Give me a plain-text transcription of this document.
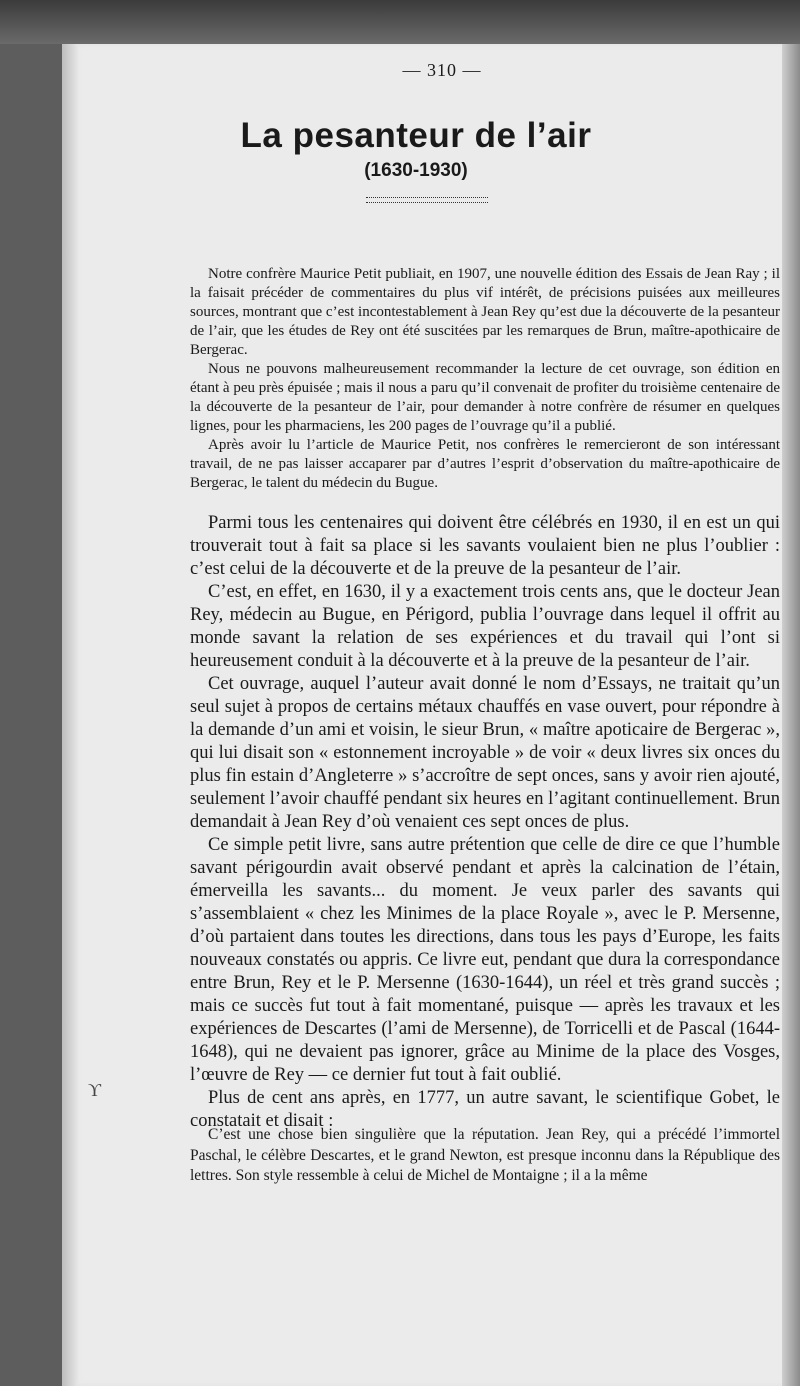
— 310 —
La pesanteur de l’air
(1630-1930)

Notre confrère Maurice Petit publiait, en 1907, une nouvelle édition des Essais de Jean Ray ; il la faisait précéder de commentaires du plus vif intérêt, de précisions puisées aux meilleures sources, montrant que c’est incontestablement à Jean Rey qu’est due la découverte de la pesanteur de l’air, que les études de Rey ont été suscitées par les remarques de Brun, maître-apothicaire de Bergerac.

Nous ne pouvons malheureusement recommander la lecture de cet ouvrage, son édition en étant à peu près épuisée ; mais il nous a paru qu’il convenait de profiter du troisième centenaire de la découverte de la pesanteur de l’air, pour demander à notre confrère de résumer en quelques lignes, pour les pharmaciens, les 200 pages de l’ouvrage qu’il a publié.

Après avoir lu l’article de Maurice Petit, nos confrères le remercieront de son intéressant travail, de ne pas laisser accaparer par d’autres l’esprit d’observation du maître-apothicaire de Bergerac, le talent du médecin du Bugue.

Parmi tous les centenaires qui doivent être célébrés en 1930, il en est un qui trouverait tout à fait sa place si les savants voulaient bien ne plus l’oublier : c’est celui de la découverte et de la preuve de la pesanteur de l’air.

C’est, en effet, en 1630, il y a exactement trois cents ans, que le docteur Jean Rey, médecin au Bugue, en Périgord, publia l’ouvrage dans lequel il offrit au monde savant la relation de ses expériences et du travail qui l’ont si heureusement conduit à la découverte et à la preuve de la pesanteur de l’air.

Cet ouvrage, auquel l’auteur avait donné le nom d’Essays, ne traitait qu’un seul sujet à propos de certains métaux chauffés en vase ouvert, pour répondre à la demande d’un ami et voisin, le sieur Brun, « maître apoticaire de Bergerac », qui lui disait son « estonnement incroyable » de voir « deux livres six onces du plus fin estain d’Angleterre » s’accroître de sept onces, sans y avoir rien ajouté, seulement l’avoir chauffé pendant six heures en l’agitant continuellement. Brun demandait à Jean Rey d’où venaient ces sept onces de plus.

Ce simple petit livre, sans autre prétention que celle de dire ce que l’humble savant périgourdin avait observé pendant et après la calcination de l’étain, émerveilla les savants... du moment. Je veux parler des savants qui s’assemblaient « chez les Minimes de la place Royale », avec le P. Mersenne, d’où partaient dans toutes les directions, dans tous les pays d’Europe, les faits nouveaux constatés ou appris. Ce livre eut, pendant que dura la correspondance entre Brun, Rey et le P. Mersenne (1630-1644), un réel et très grand succès ; mais ce succès fut tout à fait momentané, puisque — après les travaux et les expériences de Descartes (l’ami de Mersenne), de Torricelli et de Pascal (1644-1648), qui ne devaient pas ignorer, grâce au Minime de la place des Vosges, l’œuvre de Rey — ce dernier fut tout à fait oublié.

Plus de cent ans après, en 1777, un autre savant, le scientifique Gobet, le constatait et disait :

C’est une chose bien singulière que la réputation. Jean Rey, qui a précédé l’immortel Paschal, le célèbre Descartes, et le grand Newton, est presque inconnu dans la République des lettres. Son style ressemble à celui de Michel de Montaigne ; il a la même

ϒ
